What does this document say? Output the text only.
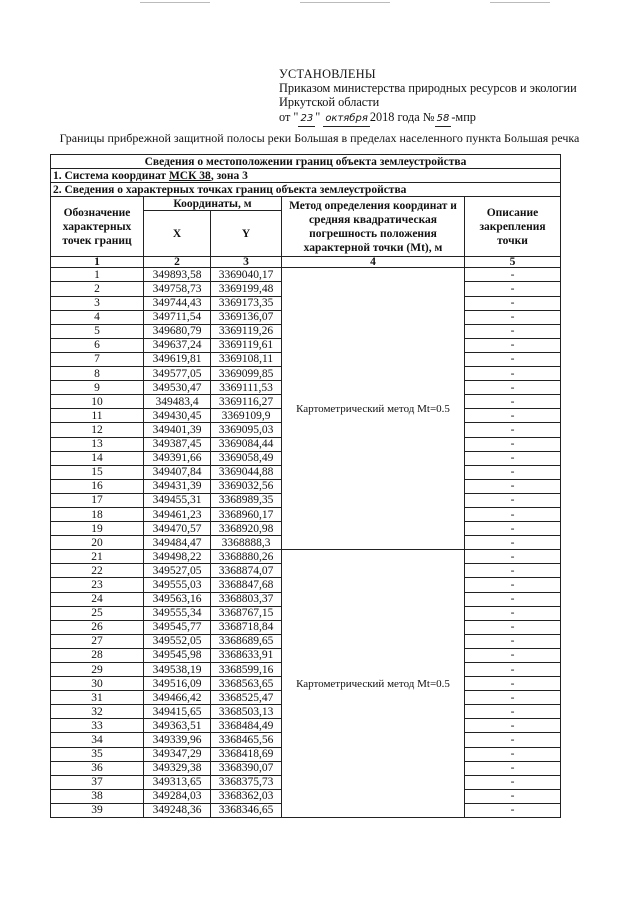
УСТАНОВЛЕНЫ
Приказом министерства природных ресурсов и экологии
Иркутской области
от " 23 " октября 2018 года № 58 -мпр
Границы прибрежной защитной полосы реки Большая в пределах населенного пункта Большая речка
Сведения о местоположении границ объекта землеустройства				
1. Система координат МСК 38, зона 3				
2. Сведения о характерных точках границ объекта землеустройства				
Обозначение характерных точек границ	Координаты, м		Метод определения координат и средняя квадратическая погрешность положения характерной точки (Mt), м	Описание закрепления точки
	X	Y		
1	2	3	4	5
1	349893,58	3369040,17	Картометрический метод Mt=0.5	-
2	349758,73	3369199,48		-
3	349744,43	3369173,35		-
4	349711,54	3369136,07		-
5	349680,79	3369119,26		-
6	349637,24	3369119,61		-
7	349619,81	3369108,11		-
8	349577,05	3369099,85		-
9	349530,47	3369111,53		-
10	349483,4	3369116,27		-
11	349430,45	3369109,9		-
12	349401,39	3369095,03		-
13	349387,45	3369084,44		-
14	349391,66	3369058,49		-
15	349407,84	3369044,88		-
16	349431,39	3369032,56		-
17	349455,31	3368989,35		-
18	349461,23	3368960,17		-
19	349470,57	3368920,98		-
20	349484,47	3368888,3		-
21	349498,22	3368880,26	Картометрический метод Mt=0.5	-
22	349527,05	3368874,07		-
23	349555,03	3368847,68		-
24	349563,16	3368803,37		-
25	349555,34	3368767,15		-
26	349545,77	3368718,84		-
27	349552,05	3368689,65		-
28	349545,98	3368633,91		-
29	349538,19	3368599,16		-
30	349516,09	3368563,65		-
31	349466,42	3368525,47		-
32	349415,65	3368503,13		-
33	349363,51	3368484,49		-
34	349339,96	3368465,56		-
35	349347,29	3368418,69		-
36	349329,38	3368390,07		-
37	349313,65	3368375,73		-
38	349284,03	3368362,03		-
39	349248,36	3368346,65		-
